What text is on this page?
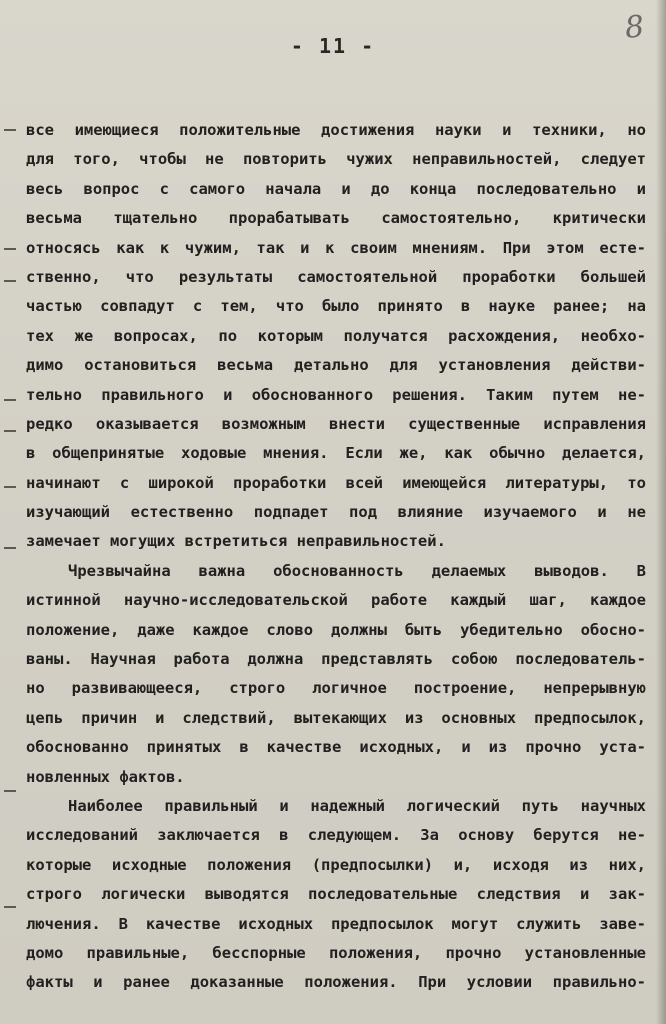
- 11 -
8
все имеющиеся положительные достижения науки и техники, но
для того, чтобы не повторить чужих неправильностей, следует
весь вопрос с самого начала и до конца последовательно и
весьма тщательно прорабатывать самостоятельно, критически
относясь как к чужим, так и к своим мнениям. При этом есте-
ственно, что результаты самостоятельной проработки большей
частью совпадут с тем, что было принято в науке ранее; на
тех же вопросах, по которым получатся расхождения, необхо-
димо остановиться весьма детально для установления действи-
тельно правильного и обоснованного решения. Таким путем не-
редко оказывается возможным внести существенные исправления
в общепринятые ходовые мнения. Если же, как обычно делается,
начинают с широкой проработки всей имеющейся литературы, то
изучающий естественно подпадет под влияние изучаемого и не
замечает могущих встретиться неправильностей.
Чрезвычайна важна обоснованность делаемых выводов. В
истинной научно-исследовательской работе каждый шаг, каждое
положение, даже каждое слово должны быть убедительно обосно-
ваны. Научная работа должна представлять собою последователь-
но развивающееся, строго логичное построение, непрерывную
цепь причин и следствий, вытекающих из основных предпосылок,
обоснованно принятых в качестве исходных, и из прочно уста-
новленных фактов.
Наиболее правильный и надежный логический путь научных
исследований заключается в следующем. За основу берутся не-
которые исходные положения (предпосылки) и, исходя из них,
строго логически выводятся последовательные следствия и зак-
лючения. В качестве исходных предпосылок могут служить заве-
домо правильные, бесспорные положения, прочно установленные
факты и ранее доказанные положения. При условии правильно-
